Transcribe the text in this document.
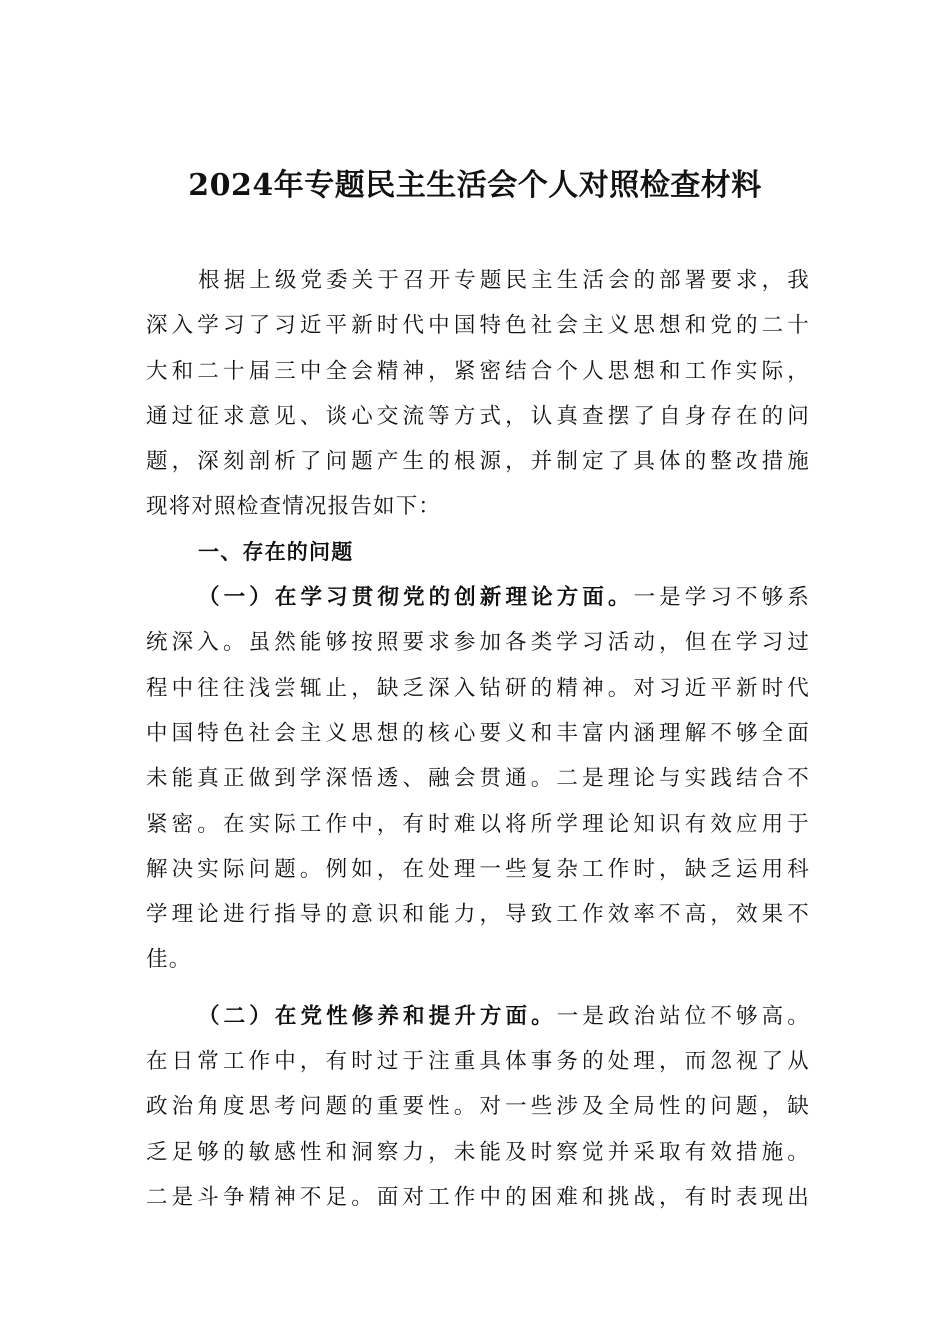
2024年专题民主生活会个人对照检查材料
根据上级党委关于召开专题民主生活会的部署要求，我
深入学习了习近平新时代中国特色社会主义思想和党的二十
大和二十届三中全会精神，紧密结合个人思想和工作实际，
通过征求意见、谈心交流等方式，认真查摆了自身存在的问
题，深刻剖析了问题产生的根源，并制定了具体的整改措施
现将对照检查情况报告如下：
一、存在的问题
（一）在学习贯彻党的创新理论方面。一是学习不够系
统深入。虽然能够按照要求参加各类学习活动，但在学习过
程中往往浅尝辄止，缺乏深入钻研的精神。对习近平新时代
中国特色社会主义思想的核心要义和丰富内涵理解不够全面
未能真正做到学深悟透、融会贯通。二是理论与实践结合不
紧密。在实际工作中，有时难以将所学理论知识有效应用于
解决实际问题。例如，在处理一些复杂工作时，缺乏运用科
学理论进行指导的意识和能力，导致工作效率不高，效果不
佳。
（二）在党性修养和提升方面。一是政治站位不够高。
在日常工作中，有时过于注重具体事务的处理，而忽视了从
政治角度思考问题的重要性。对一些涉及全局性的问题，缺
乏足够的敏感性和洞察力，未能及时察觉并采取有效措施。
二是斗争精神不足。面对工作中的困难和挑战，有时表现出
